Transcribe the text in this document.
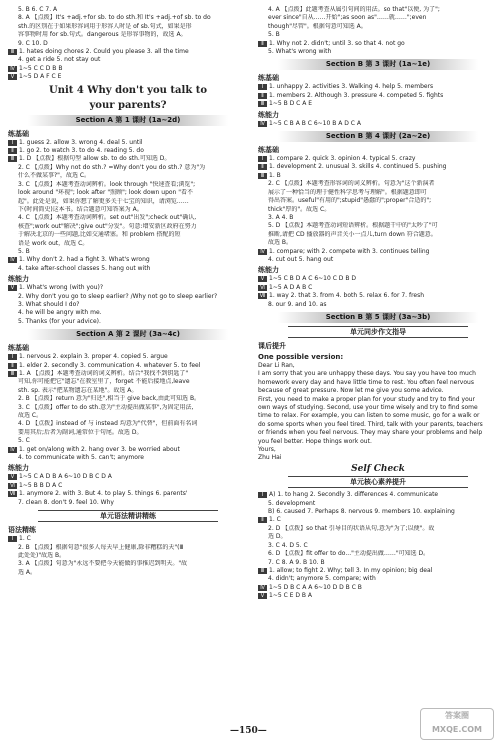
5. B 6. C 7. A
8. A 【点拨】It's +adj.+for sb. to do sth.和 It's +adj.+of sb. to do
sth.的区别在于如果形容词用于形容人时是 of sb.句式，如果是形
容事物时用 for sb.句式。dangerous 是形容事物的，故选 A。
9. C 10. D
Ⅲ 1. hates doing chores 2. Could you please 3. all the time
4. get a ride 5. not stay out
Ⅳ 1~5 C C D B B
Ⅴ 1~5 D A F C E
Unit 4 Why don't you talk to
your parents?
Section A 第 1 课时 (1a~2d)
练基础
Ⅰ 1. guess 2. allow 3. wrong 4. deal 5. until
Ⅱ 1. go 2. to watch 3. to do 4. reading 5. do
Ⅲ 1. D 【点拨】根据句型 allow sb. to do sth.可知选 D。
2. C 【点拨】Why not do sth.? =Why don't you do sth.? 意为"为
什么不做某事?"，故选 C。
3. C 【点拨】本题考查动词辨析。look through "快速查看;浏览";
look around "环视"; look after "照顾"; look down upon "看不
起"。此处是说，如果你想了解更多关于七宝的知识，请浏览……
下(时间简史)这本书。结合题意可知答案为 A。
4. C 【点拨】本题考查动词辨析。set out"出发";check out"确认,
核查";work out"解决";give out"分发"。句意:增安新区政府在努力
于解决北京的一些问题,比如交通堵塞。和 problem 搭配的短
语是 work out，故选 C。
5. B
Ⅳ 1. Why don't 2. had a fight 3. What's wrong
4. take after-school classes 5. hang out with
练能力
Ⅴ 1. What's wrong (with you)?
2. Why don't you go to sleep earlier? /Why not go to sleep earlier?
3. What should I do?
4. he will be angry with me.
5. Thanks (for your advice).
Section A 第 2 课时 (3a~4c)
练基础
Ⅰ 1. nervous 2. explain 3. proper 4. copied 5. argue
Ⅱ 1. elder 2. secondly 3. communication 4. whatever 5. to feel
Ⅲ 1. A 【点拨】本题考查动词的词义辨析。结合"我找不到钥匙了"
可知,你可能把它"遗忘"在教室里了，forget 不能后接地点,leave
sth. sp. 表示"把某物遗忘在某地"。故选 A。
2. B 【点拨】return 意为"归还",相当于 give back,由此可知选 B。
3. C 【点拨】offer to do sth.意为"主动提出做某事",为固定用法,
故选 C。
4. D 【点拨】instead of 与 instead 均意为"代替"，但前面有名词
要用其后;后者为副词,通常位于句尾。故选 D。
5. C
Ⅳ 1. get on/along with 2. hang over 3. be worried about
4. to communicate with 5. can't; anymore
练能力
Ⅴ 1~5 C A D B A 6~10 D B C D A
Ⅵ 1~5 B B D A C
Ⅶ 1. anymore 2. with 3. But 4. to play 5. things 6. parents'
7. clean 8. don't 9. feel 10. Why
单元语法精讲精练
语法精练
Ⅰ 1. C
2. B 【点拨】根据句意"很多人每天早上健康,除非糟糕的天"(Ⅲ
此处处)"故选 B。
3. A 【点拨】句意为"永远不要把今天能做的事推迟到明天。"故
选 A。
4. A 【点拨】此题考查从属引句间的用法。so that"以便, 为了";
ever since"自从……开始";as soon as"……就……";even
though"尽管"。根据句意可知选 A。
5. B
Ⅱ 1. Why not 2. didn't; until 3. so that 4. not go
5. What's wrong with
Section B 第 3 课时 (1a~1e)
练基础
Ⅰ 1. unhappy 2. activities 3. Walking 4. help 5. members
Ⅱ 1. members 2. Although 3. pressure 4. competed 5. fights
Ⅲ 1~5 B D C A E
练能力
Ⅳ 1~5 C B A B C 6~10 B A D C A
Section B 第 4 课时 (2a~2e)
练基础
Ⅰ 1. compare 2. quick 3. opinion 4. typical 5. crazy
Ⅱ 1. development 2. unusual 3. skills 4. continued 5. pushing
Ⅲ 1. B
2. C 【点拨】本题考查形容词的词义辨析。句意为"这个新演者
展示了一种恰当的理于健性科学思考与理解"。根据题意即可
得出答案。useful"有用的";stupid"愚蠢的";proper"合适的";
thick"厚的"。故选 C。
3. A 4. B
5. D 【点拨】本题考查动词短语辨析。根据题干中的"太吵了"可
推断,请把 CD 播放器的声音关小一点儿,turn down 符合题意。
故选 B。
Ⅳ 1. compare; with 2. compete with 3. continues telling
4. cut out 5. hang out
练能力
Ⅴ 1~5 C B D A C 6~10 C D B D
Ⅵ 1~5 A D A B C
Ⅶ 1. way 2. that 3. from 4. both 5. relax 6. for 7. fresh
8. our 9. and 10. as
Section B 第 5 课时 (3a~3b)
单元同步作文指导
课后提升
One possible version:
Dear Li Ran,
I am sorry that you are unhappy these days. You say you have too much
homework every day and have little time to rest. You often feel nervous
because of great pressure. Now let me give you some advice.
First, you need to make a proper plan for your study and try to find your
own ways of studying. Second, use your time wisely and try to find some
time to relax. For example, you can listen to some music, go for a walk or
do some sports when you feel tired. Third, talk with your parents, teachers
or friends when you feel nervous. They may share your problems and help
you feel better. Hope things work out.
Yours,
Zhu Hai
Self Check
单元核心素养提升
Ⅰ A) 1. to hang 2. Secondly 3. differences 4. communicate
5. development
B) 6. caused 7. Perhaps 8. nervous 9. members 10. explaining
Ⅱ 1. C
2. D 【点拨】so that 引导目的状语从句,意为"为了;以便"。故
选 D。
3. C 4. D 5. C
6. D 【点拨】fit offer to do..."主动提出做……"可知选 D。
7. C 8. A 9. B 10. B
Ⅲ 1. allow; to fight 2. Why; tell 3. In my opinion; big deal
4. didn't; anymore 5. compare; with
Ⅳ 1~5 D B C A A 6~10 D D B C B
Ⅴ 1~5 C E D B A
—150—
答案圈 MXQE.COM
